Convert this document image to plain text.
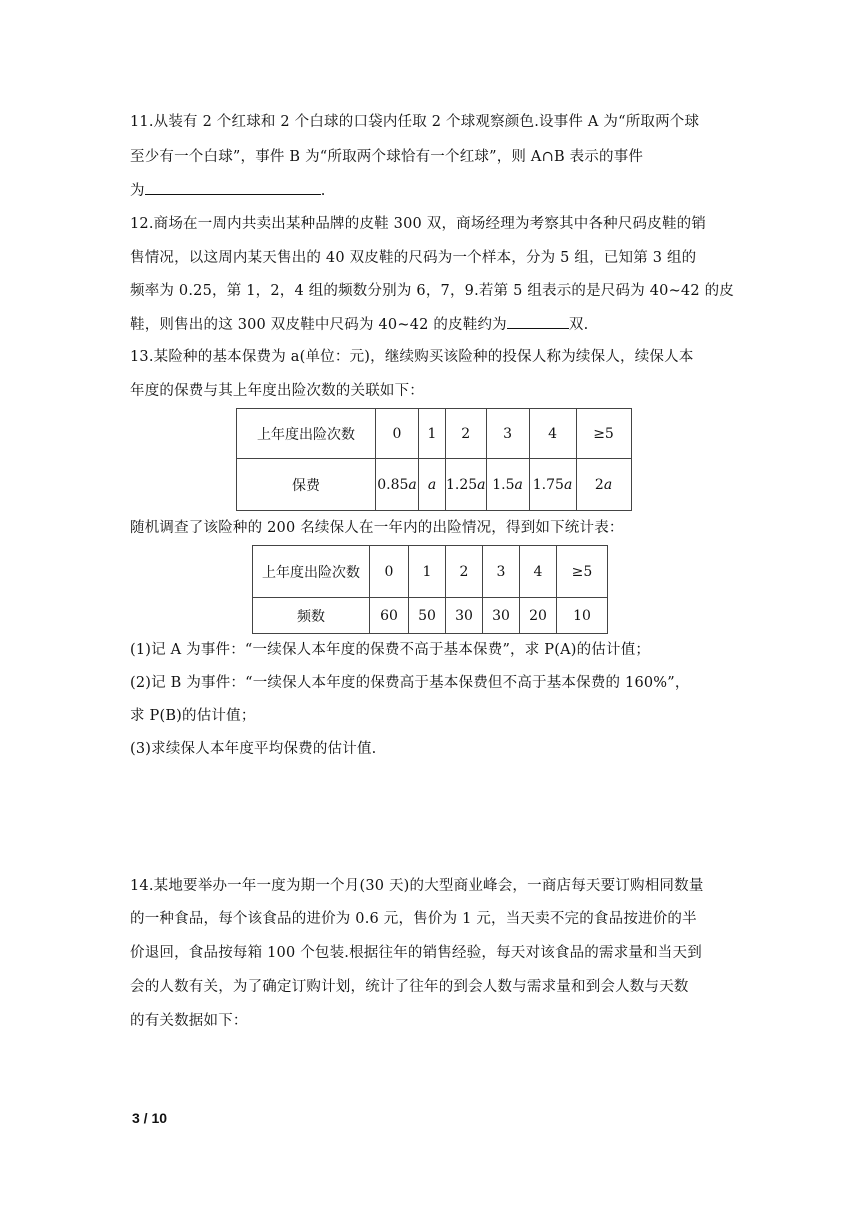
11.从装有 2 个红球和 2 个白球的口袋内任取 2 个球观察颜色.设事件 A 为“所取两个球
至少有一个白球”，事件 B 为“所取两个球恰有一个红球”，则 A∩B 表示的事件
为	.
12.商场在一周内共卖出某种品牌的皮鞋 300 双，商场经理为考察其中各种尺码皮鞋的销
售情况，以这周内某天售出的 40 双皮鞋的尺码为一个样本，分为 5 组，已知第 3 组的
频率为 0.25，第 1，2，4 组的频数分别为 6，7，9.若第 5 组表示的是尺码为 40~42 的皮
鞋，则售出的这 300 双皮鞋中尺码为 40~42 的皮鞋约为	双.
13.某险种的基本保费为 a(单位：元)，继续购买该险种的投保人称为续保人，续保人本
年度的保费与其上年度出险次数的关联如下：
上年度出险次数	0	1	2	3	4	≥5
保费	0.85a	a	1.25a	1.5a	1.75a	2a
随机调查了该险种的 200 名续保人在一年内的出险情况，得到如下统计表：
上年度出险次数	0	1	2	3	4	≥5
频数	60	50	30	30	20	10
(1)记 A 为事件：“一续保人本年度的保费不高于基本保费”，求 P(A)的估计值；
(2)记 B 为事件：“一续保人本年度的保费高于基本保费但不高于基本保费的 160%”，
求 P(B)的估计值；
(3)求续保人本年度平均保费的估计值.
14.某地要举办一年一度为期一个月(30 天)的大型商业峰会，一商店每天要订购相同数量
的一种食品，每个该食品的进价为 0.6 元，售价为 1 元，当天卖不完的食品按进价的半
价退回，食品按每箱 100 个包装.根据往年的销售经验，每天对该食品的需求量和当天到
会的人数有关，为了确定订购计划，统计了往年的到会人数与需求量和到会人数与天数
的有关数据如下：
3 / 10
